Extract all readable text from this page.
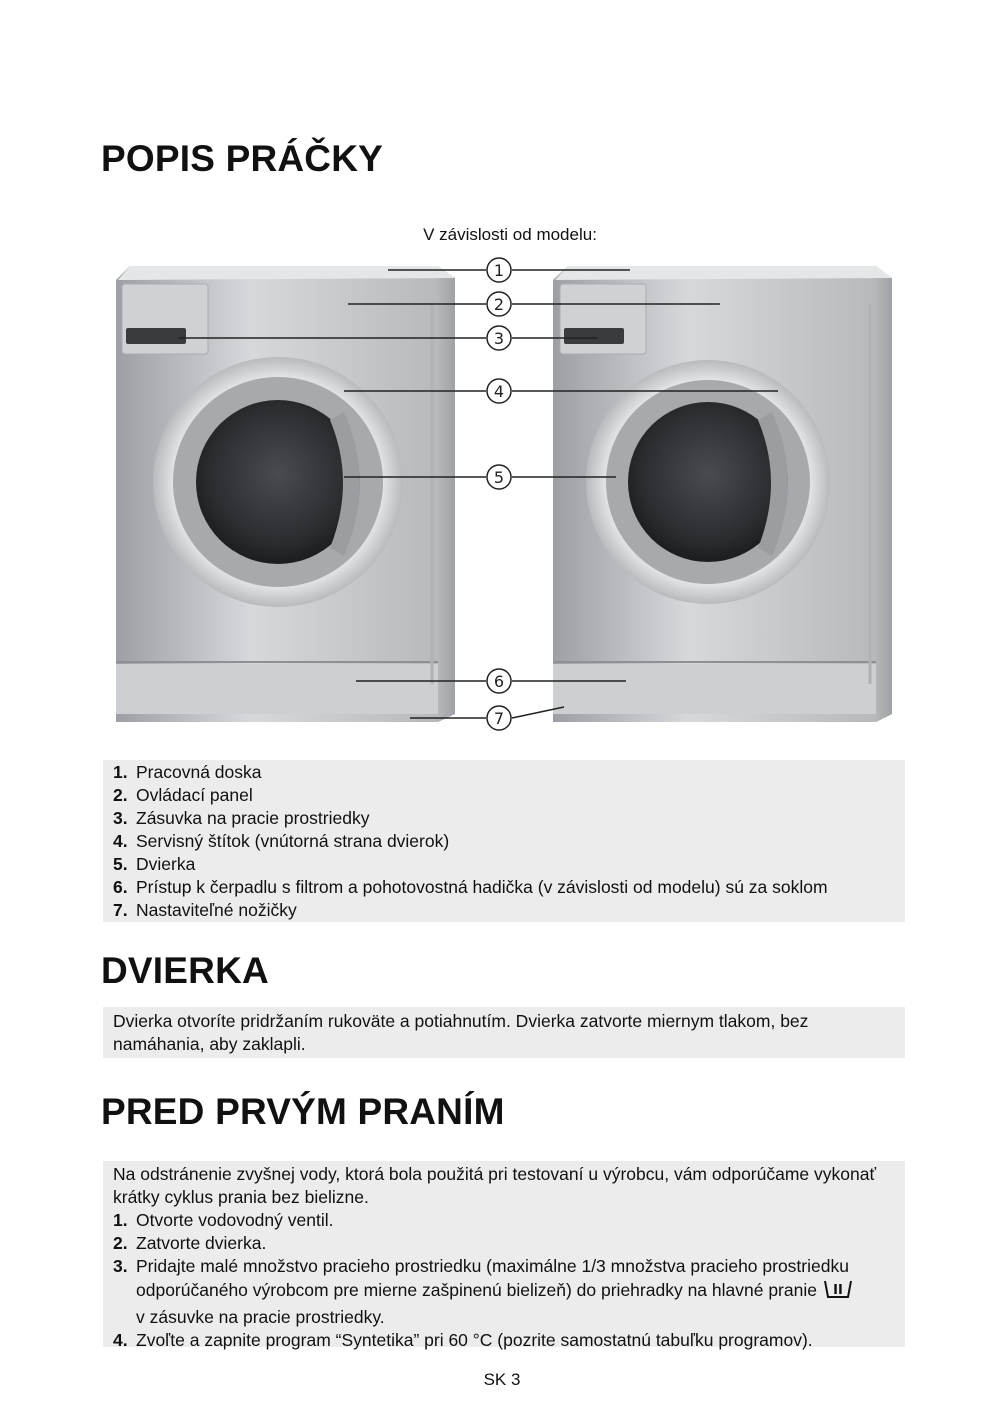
POPIS PRÁČKY
V závislosti od modelu:
1
2
3
4
5
6
7
1. Pracovná doska
2. Ovládací panel
3. Zásuvka na pracie prostriedky
4. Servisný štítok (vnútorná strana dvierok)
5. Dvierka
6. Prístup k čerpadlu s filtrom a pohotovostná hadička (v závislosti od modelu) sú za soklom
7. Nastaviteľné nožičky
DVIERKA
Dvierka otvoríte pridržaním rukoväte a potiahnutím. Dvierka zatvorte miernym tlakom, bez namáhania, aby zaklapli.
PRED PRVÝM PRANÍM
Na odstránenie zvyšnej vody, ktorá bola použitá pri testovaní u výrobcu, vám odporúčame vykonať krátky cyklus prania bez bielizne.
1. Otvorte vodovodný ventil.
2. Zatvorte dvierka.
3. Pridajte malé množstvo pracieho prostriedku (maximálne 1/3 množstva pracieho prostriedku odporúčaného výrobcom pre mierne zašpinenú bielizeň) do priehradky na hlavné pranie II

v zásuvke na pracie prostriedky.
4. Zvoľte a zapnite program “Syntetika” pri 60 °C (pozrite samostatnú tabuľku programov).
SK 3
